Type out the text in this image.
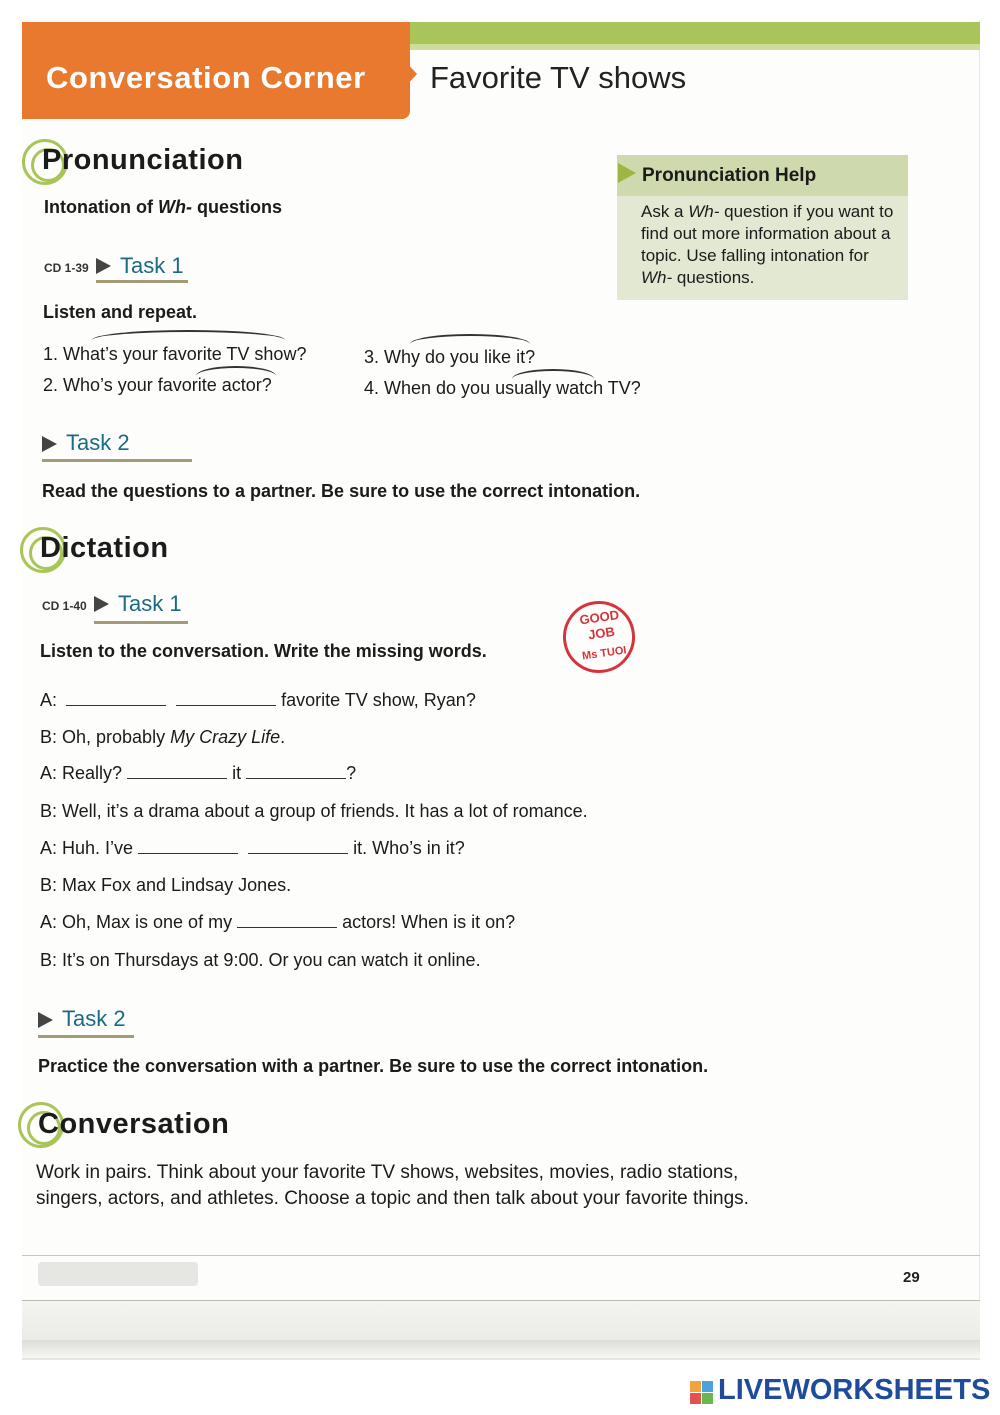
Conversation Corner Favorite TV shows
Pronunciation
Intonation of Wh- questions
CD 1-39 Task 1
Listen and repeat.
1. What’s your favorite TV show?
2. Who’s your favorite actor?
3. Why do you like it?
4. When do you usually watch TV?
Task 2
Read the questions to a partner. Be sure to use the correct intonation.
Pronunciation Help
Ask a Wh- question if you want to find out more information about a topic. Use falling intonation for Wh- questions.
Dictation
CD 1-40 Task 1
Listen to the conversation. Write the missing words.
GOOD
JOB
Ms TUOI
A:	favorite TV show, Ryan?
B: Oh, probably My Crazy Life.
A: Really?	it	?
B: Well, it’s a drama about a group of friends. It has a lot of romance.
A: Huh. I’ve	it. Who’s in it?
B: Max Fox and Lindsay Jones.
A: Oh, Max is one of my	actors! When is it on?
B: It’s on Thursdays at 9:00. Or you can watch it online.
Task 2
Practice the conversation with a partner. Be sure to use the correct intonation.
Conversation
Work in pairs. Think about your favorite TV shows, websites, movies, radio stations,
singers, actors, and athletes. Choose a topic and then talk about your favorite things.
29
LIVEWORKSHEETS
